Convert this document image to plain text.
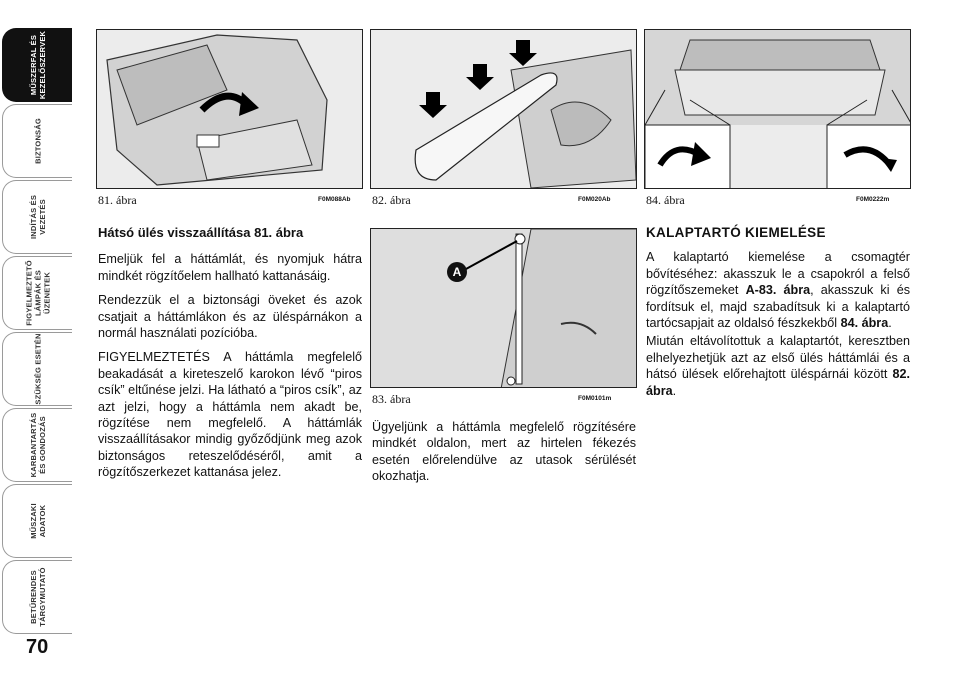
MŰSZERFAL ÉS
KEZELŐSZERVEK
BIZTONSÁG
INDÍTÁS ÉS
VEZETÉS
FIGYELMEZTETŐ
LÁMPÁK ÉS
ÜZENETEK
SZÜKSÉG ESETÉN
KARBANTARTÁS
ÉS GONDOZÁS
MŰSZAKI
ADATOK
BETŰRENDES
TÁRGYMUTATÓ
70
81. ábra	F0M088Ab 82. ábra	F0M020Ab	84. ábra	F0M0222m
A
83. ábra	F0M0101m

Hátsó ülés visszaállítása 81. ábra

Emeljük fel a háttámlát, és nyomjuk hátra mindkét rögzítőelem hallható kattanásáig.

Rendezzük el a biztonsági öveket és azok csatjait a háttámlákon és az üléspárnákon a normál használati pozícióba.

FIGYELMEZTETÉS A háttámla megfelelő beakadását a kireteszelő karokon lévő “piros csík” eltűnése jelzi. Ha látható a “piros csík”, az azt jelzi, hogy a háttámla nem akadt be, rögzítése nem megfelelő. A háttámlák visszaállításakor mindig győződjünk meg azok biztonságos reteszelődéséről, amit a rögzítőszerkezet kattanása jelez.

Ügyeljünk a háttámla megfelelő rögzítésére mindkét oldalon, mert az hirtelen fékezés esetén előrelendülve az utasok sérülését okozhatja.

KALAPTARTÓ KIEMELÉSE

A kalaptartó kiemelése a csomagtér bővítéséhez: akasszuk le a csapokról a felső rögzítőszemeket A-83. ábra, akasszuk ki és fordítsuk el, majd szabadítsuk ki a kalaptartó tartócsapjait az oldalsó fészkekből 84. ábra.

Miután eltávolítottuk a kalaptartót, keresztben elhelyezhetjük azt az első ülés háttámlái és a hátsó ülések előrehajtott üléspárnái között 82. ábra.
